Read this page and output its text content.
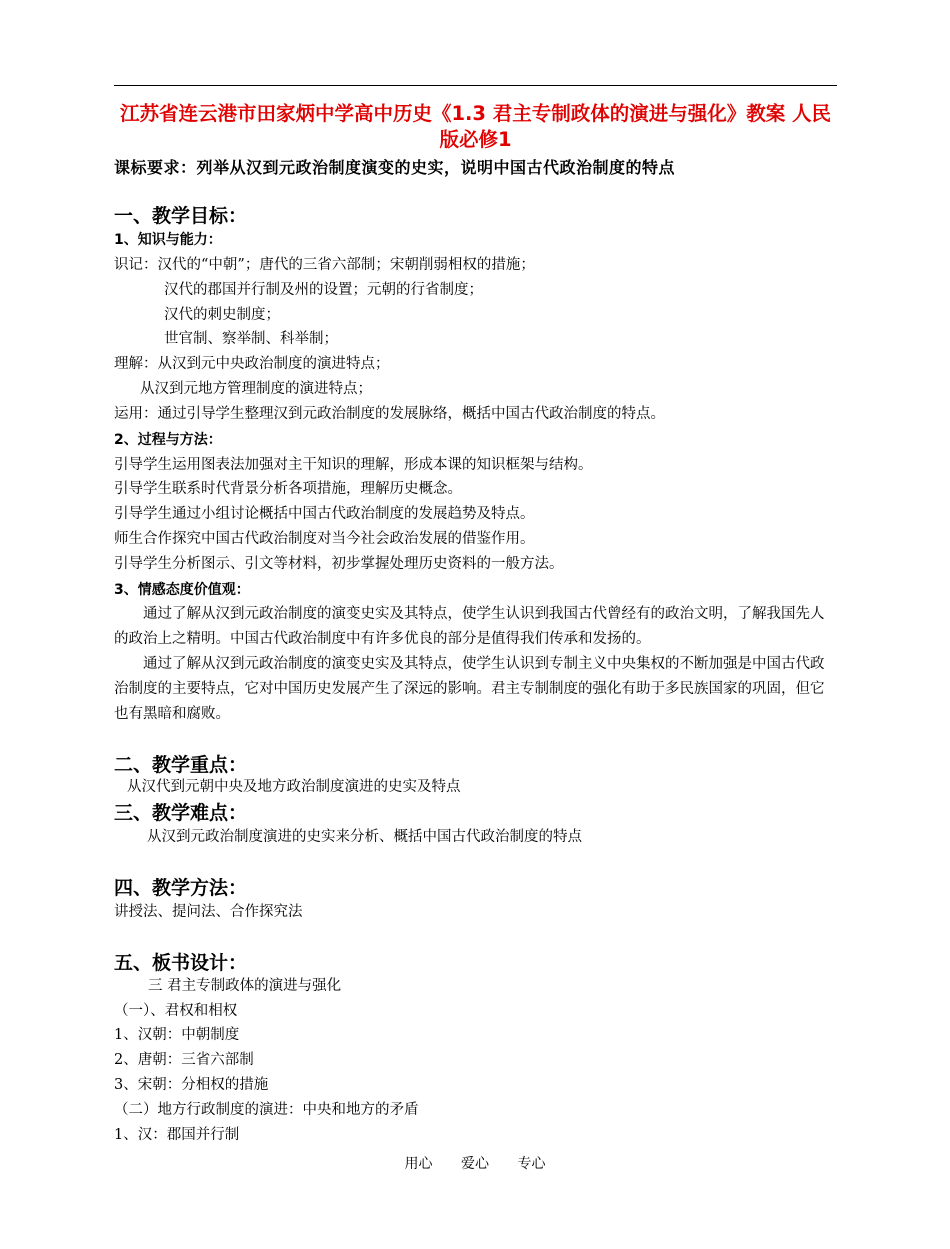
江苏省连云港市田家炳中学高中历史《1.3 君主专制政体的演进与强化》教案 人民版必修1
课标要求：列举从汉到元政治制度演变的史实，说明中国古代政治制度的特点
一、教学目标：
1、知识与能力：
识记：汉代的“中朝”；唐代的三省六部制；宋朝削弱相权的措施；
汉代的郡国并行制及州的设置；元朝的行省制度；
汉代的刺史制度；
世官制、察举制、科举制；
理解：从汉到元中央政治制度的演进特点；
从汉到元地方管理制度的演进特点；
运用：通过引导学生整理汉到元政治制度的发展脉络，概括中国古代政治制度的特点。
2、过程与方法：
引导学生运用图表法加强对主干知识的理解，形成本课的知识框架与结构。
引导学生联系时代背景分析各项措施，理解历史概念。
引导学生通过小组讨论概括中国古代政治制度的发展趋势及特点。
师生合作探究中国古代政治制度对当今社会政治发展的借鉴作用。
引导学生分析图示、引文等材料，初步掌握处理历史资料的一般方法。
3、情感态度价值观：
通过了解从汉到元政治制度的演变史实及其特点，使学生认识到我国古代曾经有的政治文明，了解我国先人的政治上之精明。中国古代政治制度中有许多优良的部分是值得我们传承和发扬的。
通过了解从汉到元政治制度的演变史实及其特点，使学生认识到专制主义中央集权的不断加强是中国古代政治制度的主要特点，它对中国历史发展产生了深远的影响。君主专制制度的强化有助于多民族国家的巩固，但它也有黑暗和腐败。
二、教学重点：
从汉代到元朝中央及地方政治制度演进的史实及特点
三、教学难点：
从汉到元政治制度演进的史实来分析、概括中国古代政治制度的特点
四、教学方法：
讲授法、提问法、合作探究法
五、板书设计：
三 君主专制政体的演进与强化
（一）、君权和相权
1、汉朝：中朝制度
2、唐朝：三省六部制
3、宋朝：分相权的措施
（二）地方行政制度的演进：中央和地方的矛盾
1、汉：郡国并行制
用心 爱心 专心
